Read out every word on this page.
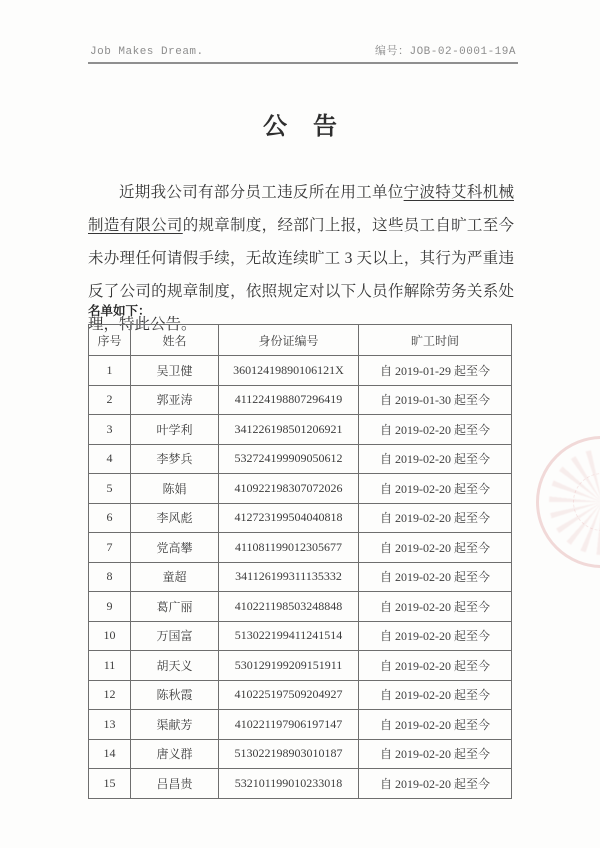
Job Makes Dream.	编号：JOB-02-0001-19A
公 告

近期我公司有部分员工违反所在用工单位宁波特艾科机械制造有限公司的规章制度，经部门上报，这些员工自旷工至今未办理任何请假手续，无故连续旷工 3 天以上，其行为严重违反了公司的规章制度，依照规定对以下人员作解除劳务关系处理，特此公告。

名单如下：
序号	姓名	身份证编号	旷工时间
1	吴卫健	36012419890106121X	自 2019-01-29 起至今
2	郭亚涛	411224198807296419	自 2019-01-30 起至今
3	叶学利	341226198501206921	自 2019-02-20 起至今
4	李梦兵	532724199909050612	自 2019-02-20 起至今
5	陈娟	410922198307072026	自 2019-02-20 起至今
6	李风彪	412723199504040818	自 2019-02-20 起至今
7	党高攀	411081199012305677	自 2019-02-20 起至今
8	童超	341126199311135332	自 2019-02-20 起至今
9	葛广丽	410221198503248848	自 2019-02-20 起至今
10	万国富	513022199411241514	自 2019-02-20 起至今
11	胡天义	530129199209151911	自 2019-02-20 起至今
12	陈秋霞	410225197509204927	自 2019-02-20 起至今
13	渠献芳	410221197906197147	自 2019-02-20 起至今
14	唐义群	513022198903010187	自 2019-02-20 起至今
15	吕昌贵	532101199010233018	自 2019-02-20 起至今
